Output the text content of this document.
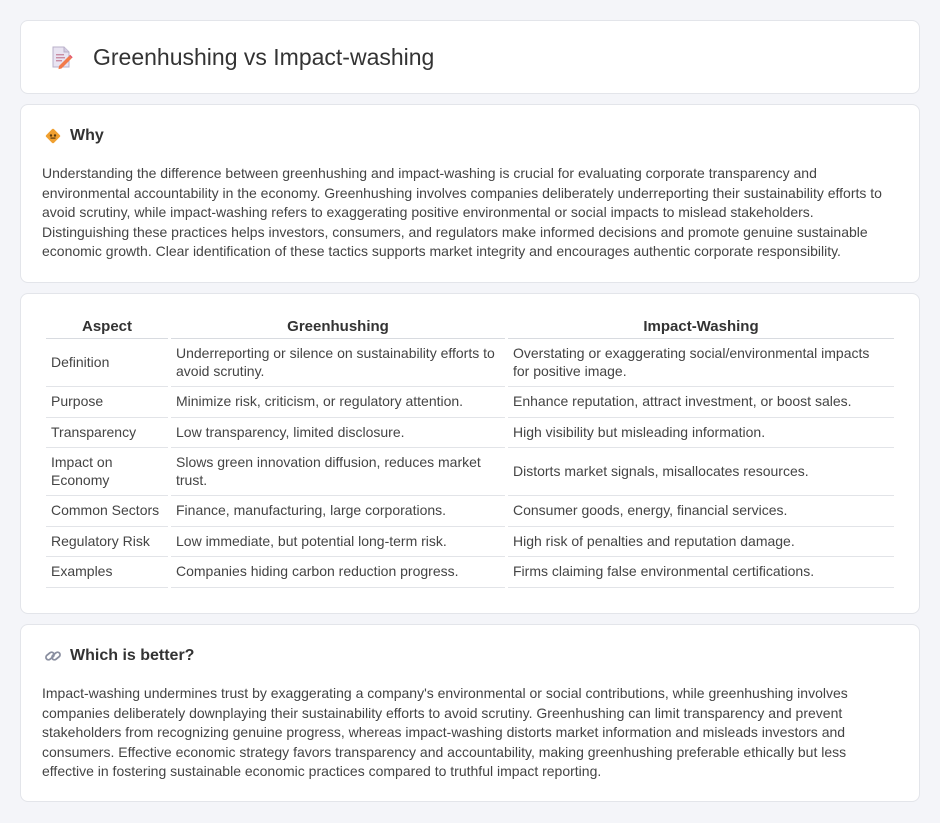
Greenhushing vs Impact-washing
Why

Understanding the difference between greenhushing and impact-washing is crucial for evaluating corporate transparency and environmental accountability in the economy. Greenhushing involves companies deliberately underreporting their sustainability efforts to avoid scrutiny, while impact-washing refers to exaggerating positive environmental or social impacts to mislead stakeholders. Distinguishing these practices helps investors, consumers, and regulators make informed decisions and promote genuine sustainable economic growth. Clear identification of these tactics supports market integrity and encourages authentic corporate responsibility.

Aspect	Greenhushing	Impact-Washing
Definition	Underreporting or silence on sustainability efforts to avoid scrutiny.	Overstating or exaggerating social/environmental impacts for positive image.
Purpose	Minimize risk, criticism, or regulatory attention.	Enhance reputation, attract investment, or boost sales.
Transparency	Low transparency, limited disclosure.	High visibility but misleading information.
Impact on Economy	Slows green innovation diffusion, reduces market trust.	Distorts market signals, misallocates resources.
Common Sectors	Finance, manufacturing, large corporations.	Consumer goods, energy, financial services.
Regulatory Risk	Low immediate, but potential long-term risk.	High risk of penalties and reputation damage.
Examples	Companies hiding carbon reduction progress.	Firms claiming false environmental certifications.
Which is better?

Impact-washing undermines trust by exaggerating a company's environmental or social contributions, while greenhushing involves companies deliberately downplaying their sustainability efforts to avoid scrutiny. Greenhushing can limit transparency and prevent stakeholders from recognizing genuine progress, whereas impact-washing distorts market information and misleads investors and consumers. Effective economic strategy favors transparency and accountability, making greenhushing preferable ethically but less effective in fostering sustainable economic practices compared to truthful impact reporting.
